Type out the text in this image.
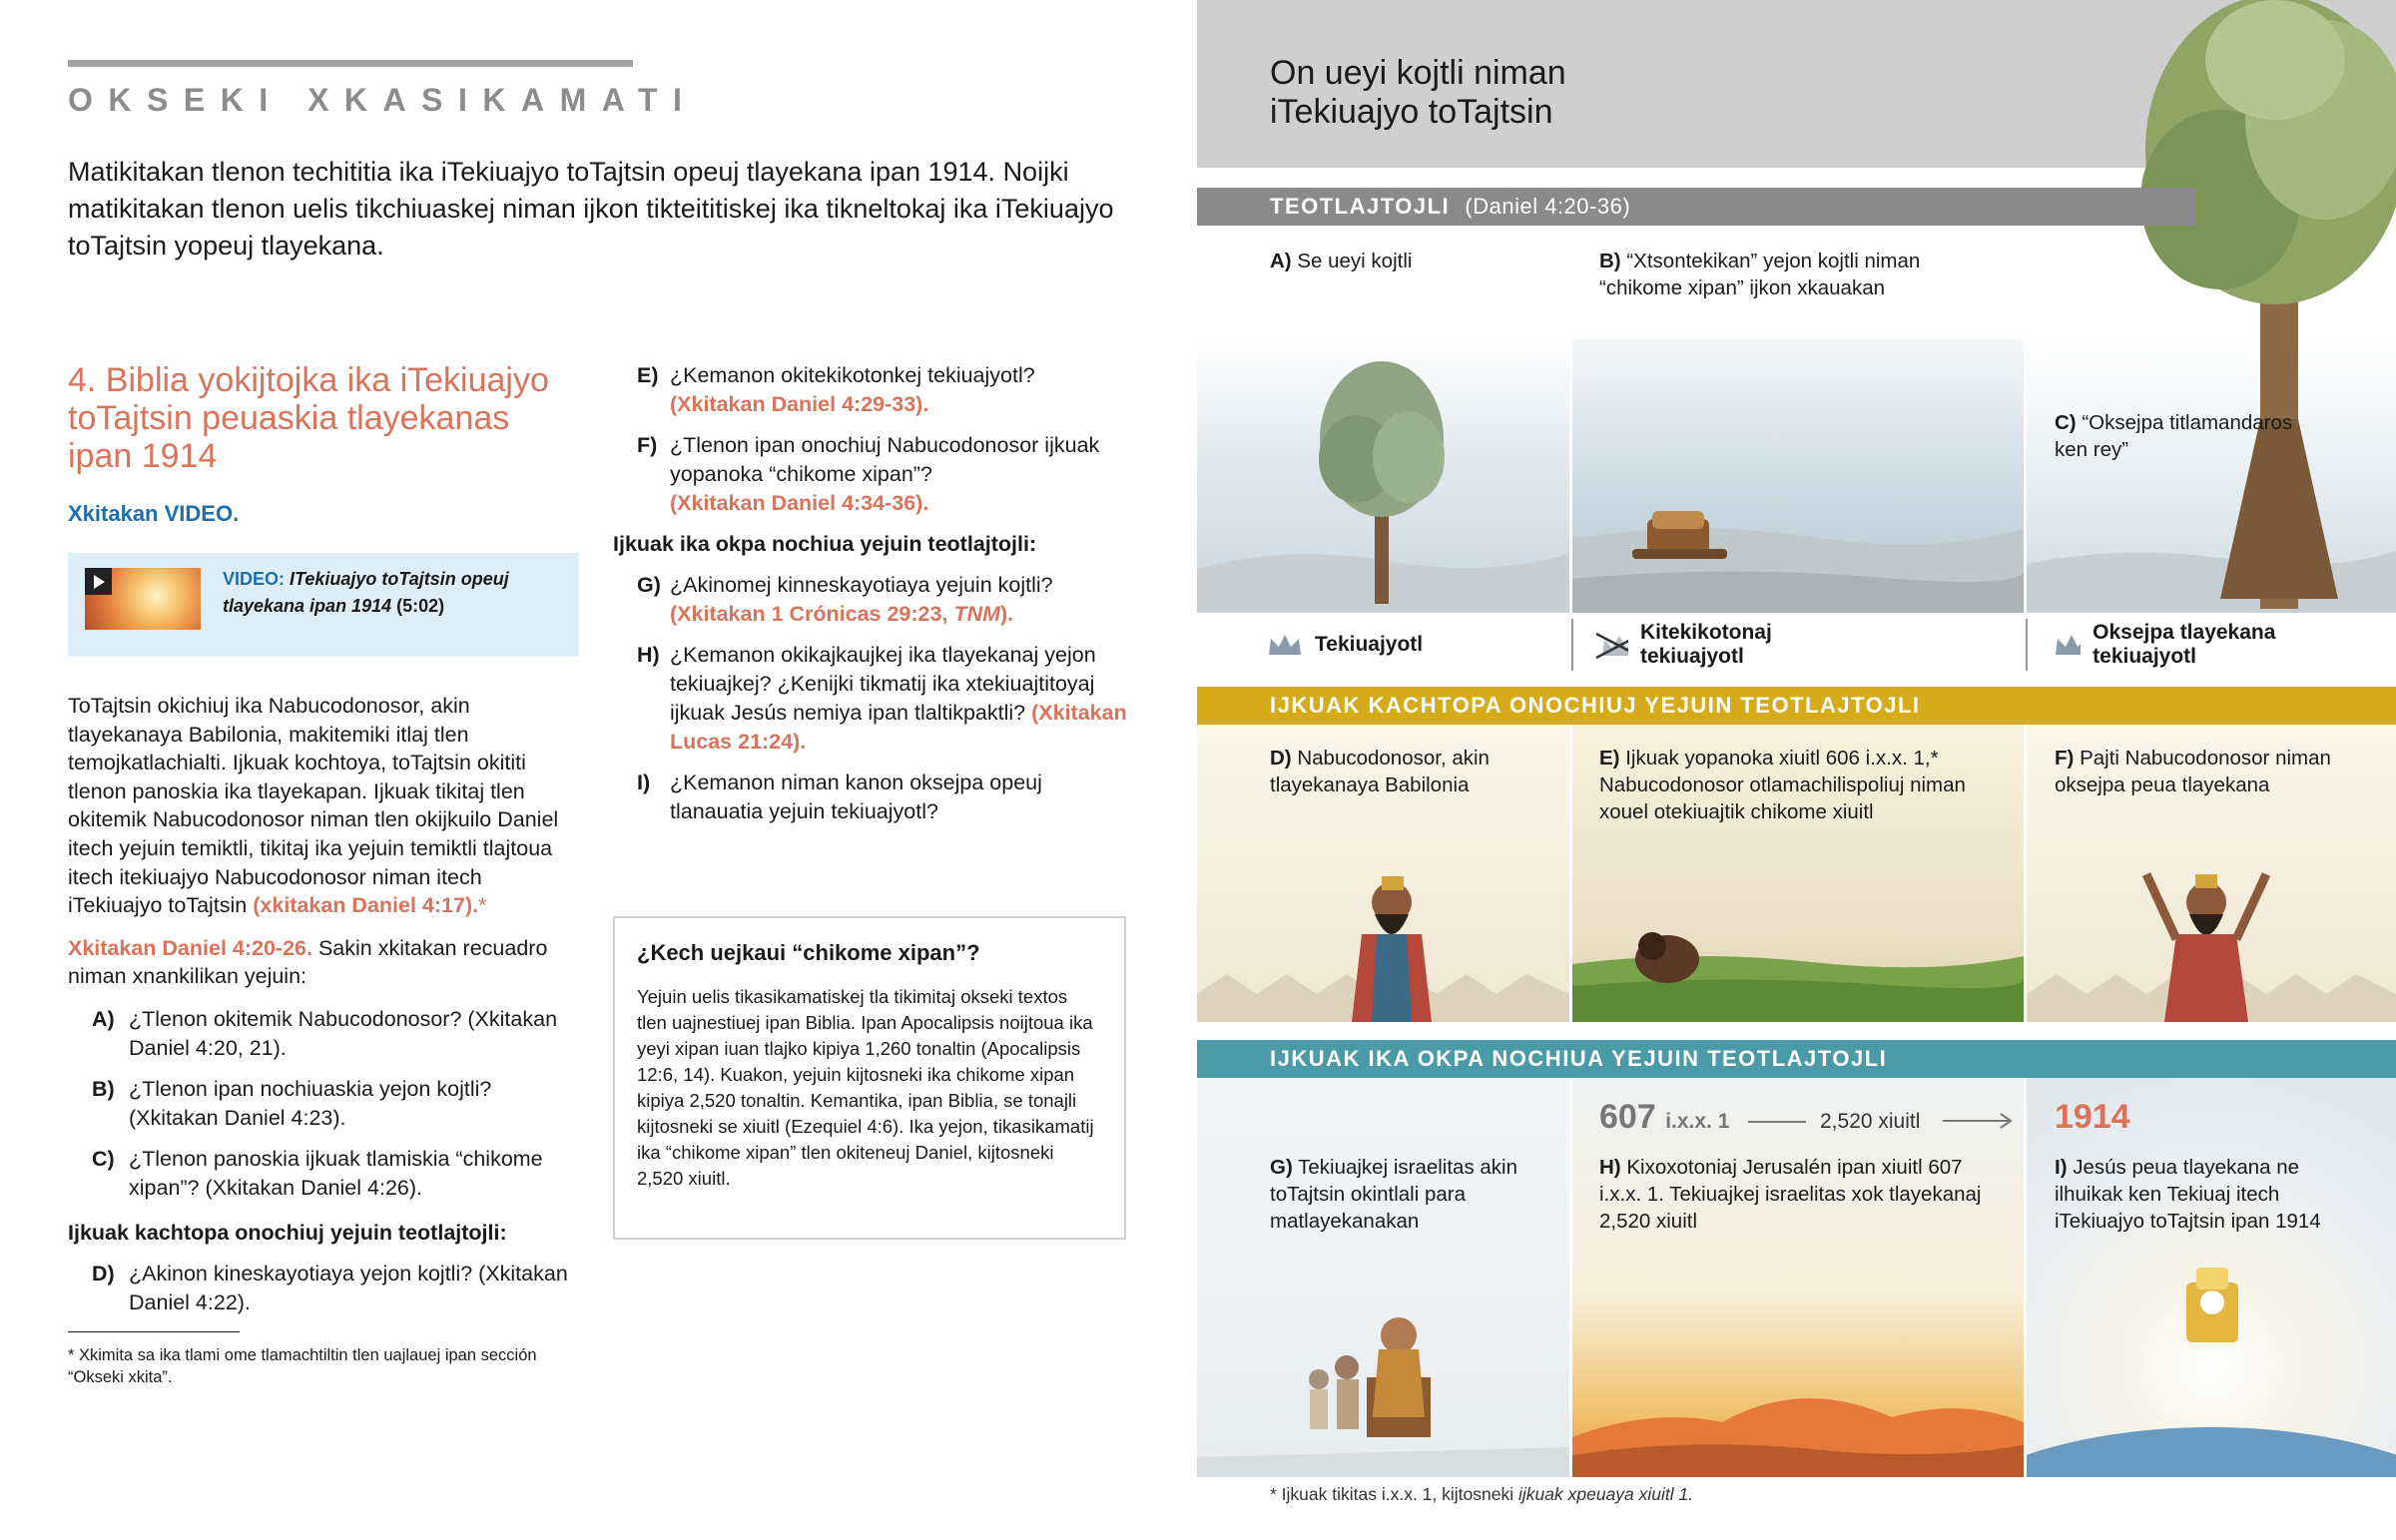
OKSEKI XKASIKAMATI
Matikitakan tlenon techititia ika iTekiuajyo toTajtsin opeuj tlayekana ipan 1914. Noijki matikitakan tlenon uelis tikchiuaskej niman ijkon tikteititiskej ika tikneltokaj ika iTekiuajyo toTajtsin yopeuj tlayekana.
4. Biblia yokijtojka ika iTekiuajyo toTajtsin peuaskia tlayekanas ipan 1914
Xkitakan VIDEO.
VIDEO: ITekiuajyo toTajtsin opeuj tlayekana ipan 1914 (5:02)

ToTajtsin okichiuj ika Nabucodonosor, akin tlayekanaya Babilonia, makitemiki itlaj tlen temojkatlachialti. Ijkuak kochtoya, toTajtsin okititi tlenon panoskia ika tlayekapan. Ijkuak tikitaj tlen okitemik Nabucodonosor niman tlen okijkuilo Daniel itech yejuin temiktli, tikitaj ika yejuin temiktli tlajtoua itech itekiuajyo Nabucodonosor niman itech iTekiuajyo toTajtsin (xkitakan Daniel 4:17).*

Xkitakan Daniel 4:20-26. Sakin xkitakan recuadro niman xnankilikan yejuin:

A) ¿Tlenon okitemik Nabucodonosor? (Xkitakan Daniel 4:20, 21).
B) ¿Tlenon ipan nochiuaskia yejon kojtli? (Xkitakan Daniel 4:23).
C) ¿Tlenon panoskia ijkuak tlamiskia “chikome xipan”? (Xkitakan Daniel 4:26).
Ijkuak kachtopa onochiuj yejuin teotlajtojli:
D) ¿Akinon kineskayotiaya yejon kojtli? (Xkitakan Daniel 4:22).
* Xkimita sa ika tlami ome tlamachtiltin tlen uajlauej ipan sección “Okseki xkita”.
E) ¿Kemanon okitekikotonkej tekiuajyotl?
(Xkitakan Daniel 4:29-33).
F) ¿Tlenon ipan onochiuj Nabucodonosor ijkuak yopanoka “chikome xipan”?
(Xkitakan Daniel 4:34-36).
Ijkuak ika okpa nochiua yejuin teotlajtojli:
G) ¿Akinomej kinneskayotiaya yejuin kojtli?
(Xkitakan 1 Crónicas 29:23, TNM).
H) ¿Kemanon okikajkaujkej ika tlayekanaj yejon tekiuajkej? ¿Kenijki tikmatij ika xtekiuajtitoyaj ijkuak Jesús nemiya ipan tlaltikpaktli? (Xkitakan Lucas 21:24).
I) ¿Kemanon niman kanon oksejpa opeuj tlanauatia yejuin tekiuajyotl?
¿Kech uejkaui “chikome xipan”?
Yejuin uelis tikasikamatiskej tla tikimitaj okseki textos tlen uajnestiuej ipan Biblia. Ipan Apocalipsis noijtoua ika yeyi xipan iuan tlajko kipiya 1,260 tonaltin (Apocalipsis 12:6, 14). Kuakon, yejuin kijtosneki ika chikome xipan kipiya 2,520 tonaltin. Kemantika, ipan Biblia, se tonajli kijtosneki se xiuitl (Ezequiel 4:6). Ika yejon, tikasikamatij ika “chikome xipan” tlen okiteneuj Daniel, kijtosneki 2,520 xiuitl.
On ueyi kojtli niman
iTekiuajyo toTajtsin
TEOTLAJTOJLI (Daniel 4:20-36)
A) Se ueyi kojtli	B) “Xtsontekikan” yejon kojtli niman “chikome xipan” ijkon xkauakan
C) “Oksejpa titlamandaros ken rey”
Tekiuajyotl
Kitekikotonaj tekiuajyotl
Oksejpa tlayekana tekiuajyotl
IJKUAK KACHTOPA ONOCHIUJ YEJUIN TEOTLAJTOJLI
D) Nabucodonosor, akin tlayekanaya Babilonia
E) Ijkuak yopanoka xiuitl 606 i.x.x. 1,* Nabucodonosor otlamachilispoliuj niman xouel otekiuajtik chikome xiuitl
F) Pajti Nabucodonosor niman oksejpa peua tlayekana
IJKUAK IKA OKPA NOCHIUA YEJUIN TEOTLAJTOJLI
607 i.x.x. 1	2,520 xiuitl	1914
G) Tekiuajkej israelitas akin toTajtsin okintlali para matlayekanakan
H) Kixoxotoniaj Jerusalén ipan xiuitl 607 i.x.x. 1. Tekiuajkej israelitas xok tlayekanaj 2,520 xiuitl
I) Jesús peua tlayekana ne ilhuikak ken Tekiuaj itech iTekiuajyo toTajtsin ipan 1914
* Ijkuak tikitas i.x.x. 1, kijtosneki ijkuak xpeuaya xiuitl 1.
